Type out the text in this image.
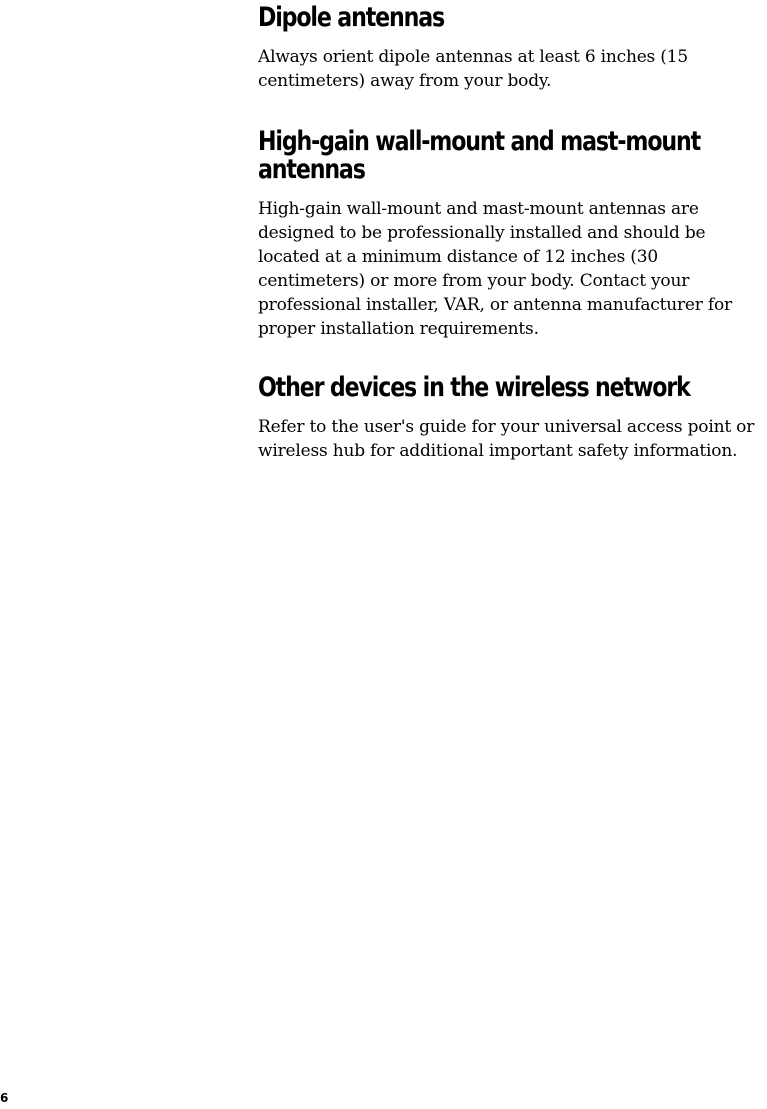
Dipole antennas

Always orient dipole antennas at least 6 inches (15 centimeters) away from your body.

High-gain wall-mount and mast-mount
antennas

High-gain wall-mount and mast-mount antennas are designed to be professionally installed and should be located at a minimum distance of 12 inches (30 centimeters) or more from your body. Contact your professional installer, VAR, or antenna manufacturer for proper installation requirements.

Other devices in the wireless network

Refer to the user's guide for your universal access point or wireless hub for additional important safety information.

6
